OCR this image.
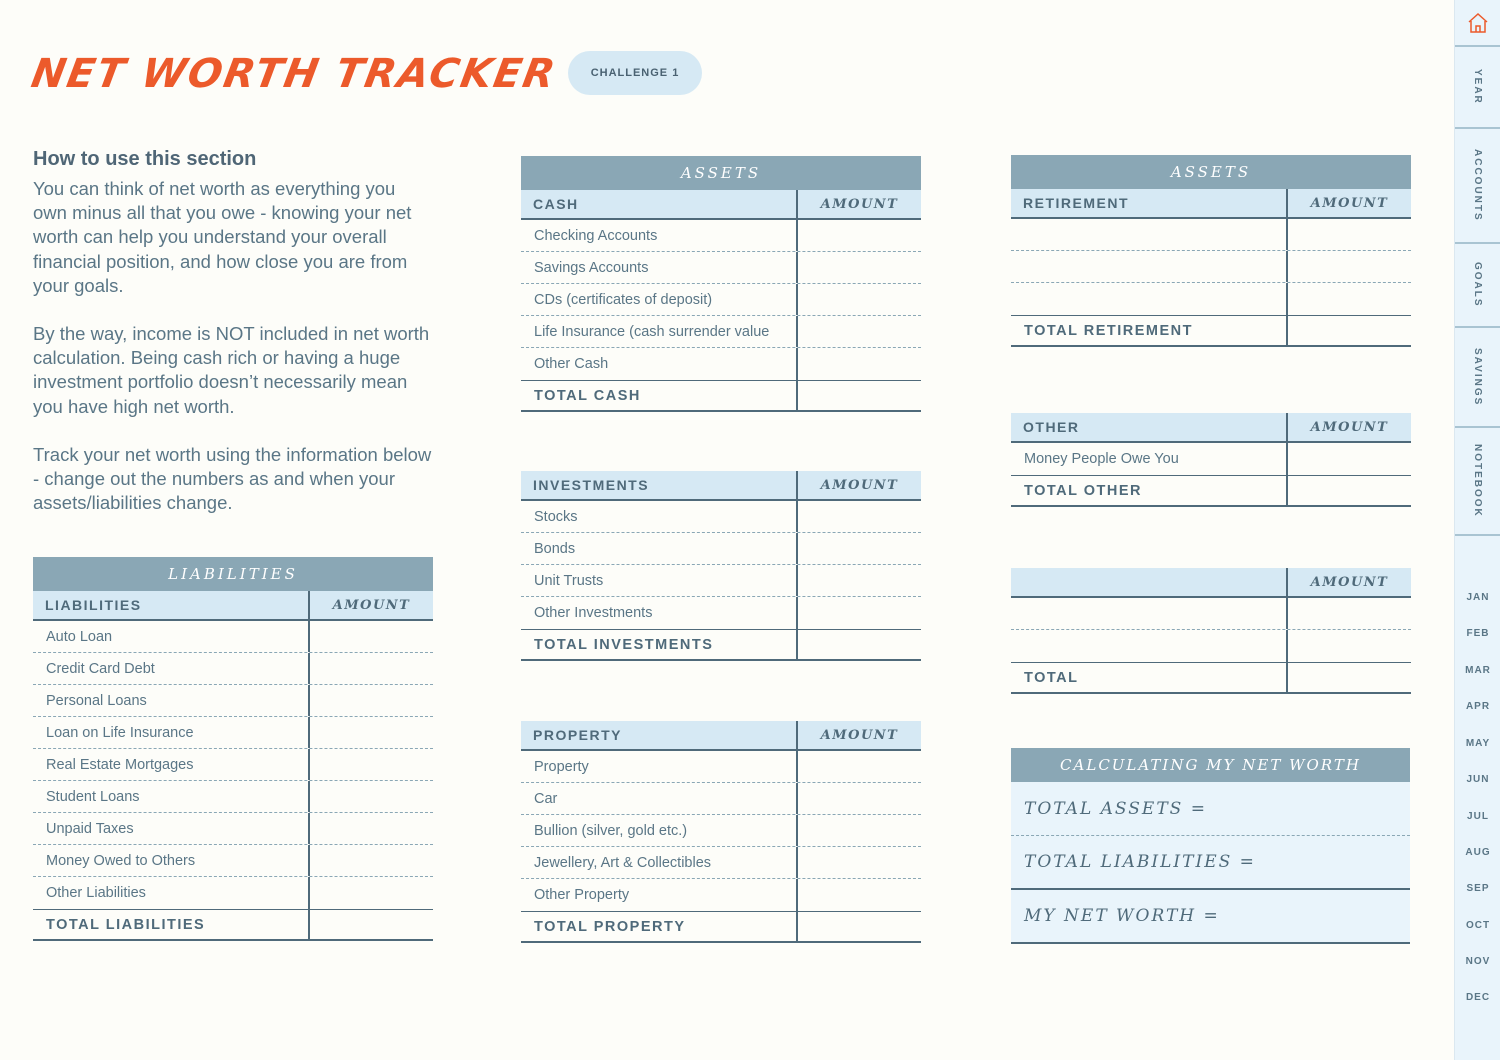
NET WORTH TRACKER	CHALLENGE 1
How to use this section

You can think of net worth as everything you own minus all that you owe - knowing your net worth can help you understand your overall financial position, and how close you are from your goals.

By the way, income is NOT included in net worth calculation. Being cash rich or having a huge investment portfolio doesn’t necessarily mean you have high net worth.

Track your net worth using the information below - change out the numbers as and when your assets/liabilities change.

LIABILITIES
LIABILITIES	AMOUNT
Auto Loan
Credit Card Debt
Personal Loans
Loan on Life Insurance
Real Estate Mortgages
Student Loans
Unpaid Taxes
Money Owed to Others
Other Liabilities
TOTAL LIABILITIES
ASSETS
CASH	AMOUNT
Checking Accounts
Savings Accounts
CDs (certificates of deposit)
Life Insurance (cash surrender value
Other Cash
TOTAL CASH
INVESTMENTS	AMOUNT
Stocks
Bonds
Unit Trusts
Other Investments
TOTAL INVESTMENTS
PROPERTY	AMOUNT
Property
Car
Bullion (silver, gold etc.)
Jewellery, Art & Collectibles
Other Property
TOTAL PROPERTY
ASSETS
RETIREMENT	AMOUNT
TOTAL RETIREMENT
OTHER	AMOUNT
Money People Owe You
TOTAL OTHER
AMOUNT
TOTAL
CALCULATING MY NET WORTH
TOTAL ASSETS =
TOTAL LIABILITIES =
MY NET WORTH =
YEAR
ACCOUNTS
GOALS
SAVINGS
NOTEBOOK
JAN
FEB
MAR
APR
MAY
JUN
JUL
AUG
SEP
OCT
NOV
DEC
